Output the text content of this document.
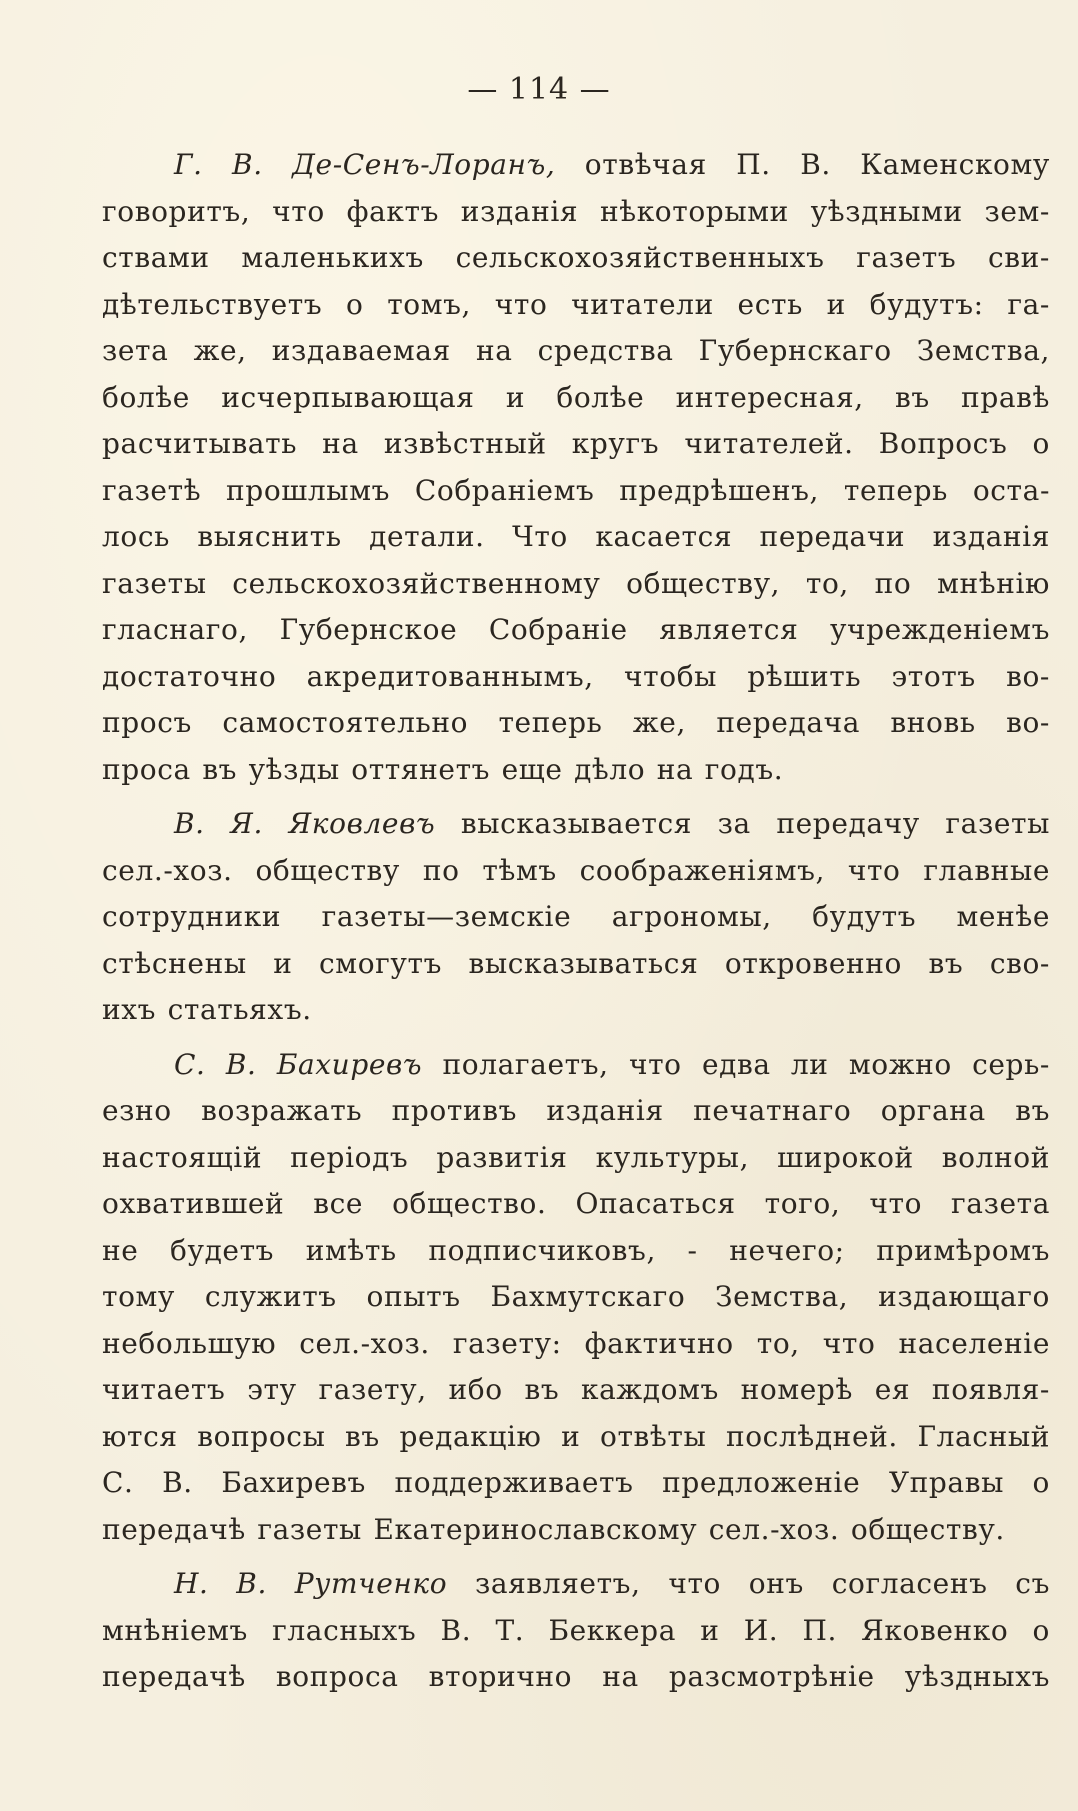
— 114 —
Г. В. Де-Сенъ-Лоранъ, отвѣчая П. В. Каменскому
говоритъ, что фактъ изданія нѣкоторыми уѣздными зем-
ствами маленькихъ сельскохозяйственныхъ газетъ сви-
дѣтельствуетъ о томъ, что читатели есть и будутъ: га-
зета же, издаваемая на средства Губернскаго Земства,
болѣе исчерпывающая и болѣе интересная, въ правѣ
расчитывать на извѣстный кругъ читателей. Вопросъ о
газетѣ прошлымъ Собраніемъ предрѣшенъ, теперь оста-
лось выяснить детали. Что касается передачи изданія
газеты сельскохозяйственному обществу, то, по мнѣнію
гласнаго, Губернское Собраніе является учрежденіемъ
достаточно акредитованнымъ, чтобы рѣшить этотъ во-
просъ самостоятельно теперь же, передача вновь во-
проса въ уѣзды оттянетъ еще дѣло на годъ.
В. Я. Яковлевъ высказывается за передачу газеты
сел.-хоз. обществу по тѣмъ соображеніямъ, что главные
сотрудники газеты—земскіе агрономы, будутъ менѣе
стѣснены и смогутъ высказываться откровенно въ сво-
ихъ статьяхъ.
С. В. Бахиревъ полагаетъ, что едва ли можно серь-
езно возражать противъ изданія печатнаго органа въ
настоящій періодъ развитія культуры, широкой волной
охватившей все общество. Опасаться того, что газета
не будетъ имѣть подписчиковъ, - нечего; примѣромъ
тому служитъ опытъ Бахмутскаго Земства, издающаго
небольшую сел.-хоз. газету: фактично то, что населеніе
читаетъ эту газету, ибо въ каждомъ номерѣ ея появля-
ются вопросы въ редакцію и отвѣты послѣдней. Гласный
С. В. Бахиревъ поддерживаетъ предложеніе Управы о
передачѣ газеты Екатеринославскому сел.-хоз. обществу.
Н. В. Рутченко заявляетъ, что онъ согласенъ съ
мнѣніемъ гласныхъ В. Т. Беккера и И. П. Яковенко о
передачѣ вопроса вторично на разсмотрѣніе уѣздныхъ
